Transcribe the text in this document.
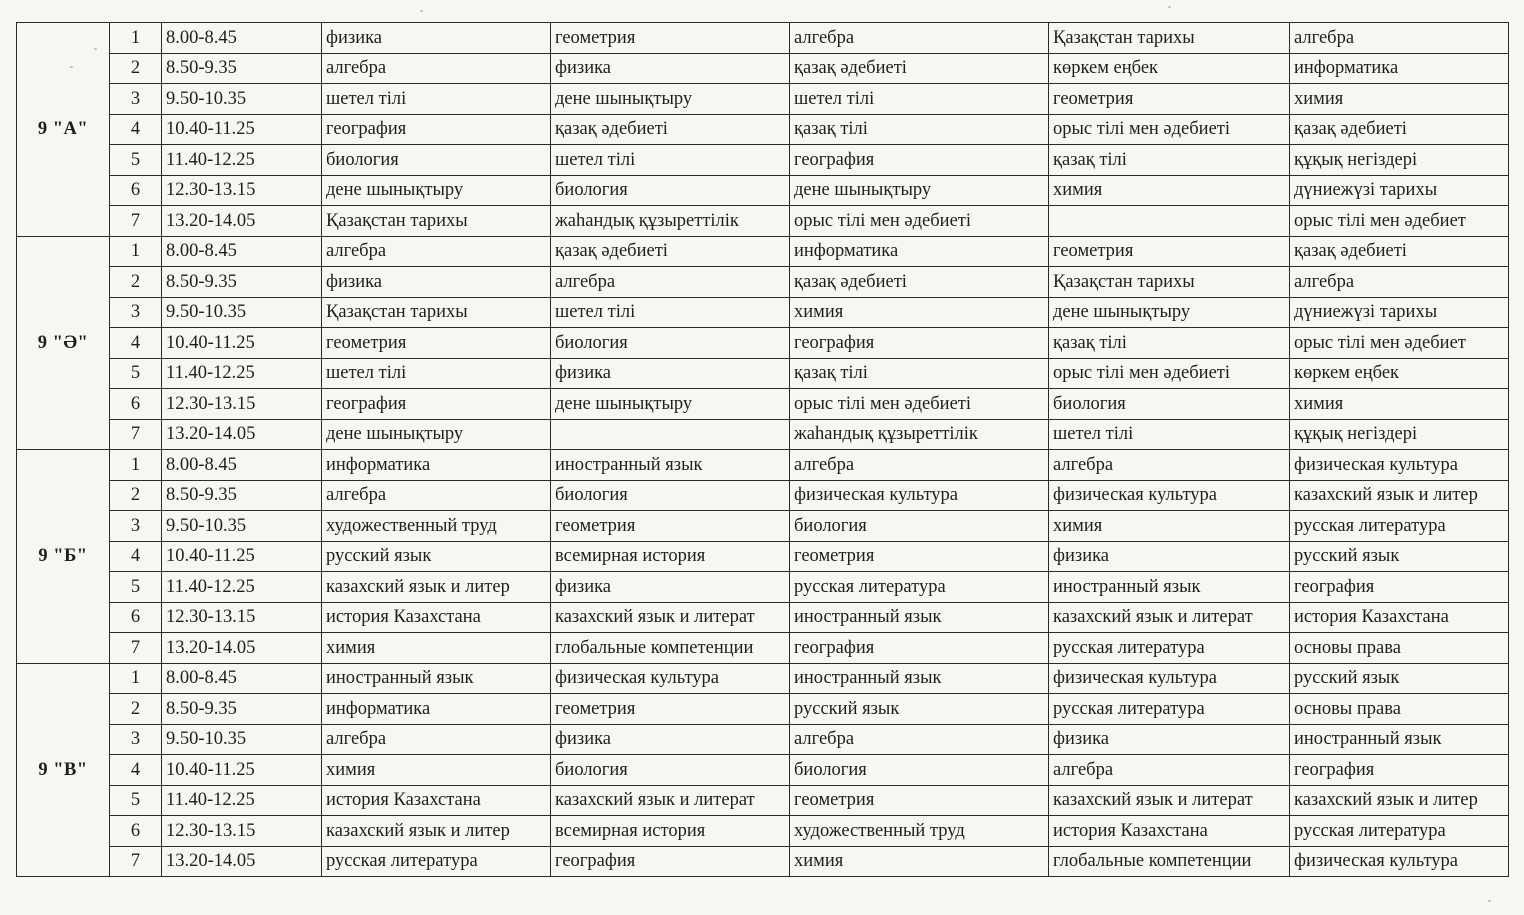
9 "А"	1	8.00-8.45	физика	геометрия	алгебра	Қазақстан тарихы	алгебра
	2	8.50-9.35	алгебра	физика	қазақ әдебиеті	көркем еңбек	информатика
	3	9.50-10.35	шетел тілі	дене шынықтыру	шетел тілі	геометрия	химия
	4	10.40-11.25	география	қазақ әдебиеті	қазақ тілі	орыс тілі мен әдебиеті	қазақ әдебиеті
	5	11.40-12.25	биология	шетел тілі	география	қазақ тілі	құқық негіздері
	6	12.30-13.15	дене шынықтыру	биология	дене шынықтыру	химия	дүниежүзі тарихы
	7	13.20-14.05	Қазақстан тарихы	жаһандық құзыреттілік	орыс тілі мен әдебиеті		орыс тілі мен әдебиет
9 "Ә"	1	8.00-8.45	алгебра	қазақ әдебиеті	информатика	геометрия	қазақ әдебиеті
	2	8.50-9.35	физика	алгебра	қазақ әдебиеті	Қазақстан тарихы	алгебра
	3	9.50-10.35	Қазақстан тарихы	шетел тілі	химия	дене шынықтыру	дүниежүзі тарихы
	4	10.40-11.25	геометрия	биология	география	қазақ тілі	орыс тілі мен әдебиет
	5	11.40-12.25	шетел тілі	физика	қазақ тілі	орыс тілі мен әдебиеті	көркем еңбек
	6	12.30-13.15	география	дене шынықтыру	орыс тілі мен әдебиеті	биология	химия
	7	13.20-14.05	дене шынықтыру		жаһандық құзыреттілік	шетел тілі	құқық негіздері
9 "Б"	1	8.00-8.45	информатика	иностранный язык	алгебра	алгебра	физическая культура
	2	8.50-9.35	алгебра	биология	физическая культура	физическая культура	казахский язык и литер
	3	9.50-10.35	художественный труд	геометрия	биология	химия	русская литература
	4	10.40-11.25	русский язык	всемирная история	геометрия	физика	русский язык
	5	11.40-12.25	казахский язык и литер	физика	русская литература	иностранный язык	география
	6	12.30-13.15	история Казахстана	казахский язык и литерат	иностранный язык	казахский язык и литерат	история Казахстана
	7	13.20-14.05	химия	глобальные компетенции	география	русская литература	основы права
9 "В"	1	8.00-8.45	иностранный язык	физическая культура	иностранный язык	физическая культура	русский язык
	2	8.50-9.35	информатика	геометрия	русский язык	русская литература	основы права
	3	9.50-10.35	алгебра	физика	алгебра	физика	иностранный язык
	4	10.40-11.25	химия	биология	биология	алгебра	география
	5	11.40-12.25	история Казахстана	казахский язык и литерат	геометрия	казахский язык и литерат	казахский язык и литер
	6	12.30-13.15	казахский язык и литер	всемирная история	художественный труд	история Казахстана	русская литература
	7	13.20-14.05	русская литература	география	химия	глобальные компетенции	физическая культура
